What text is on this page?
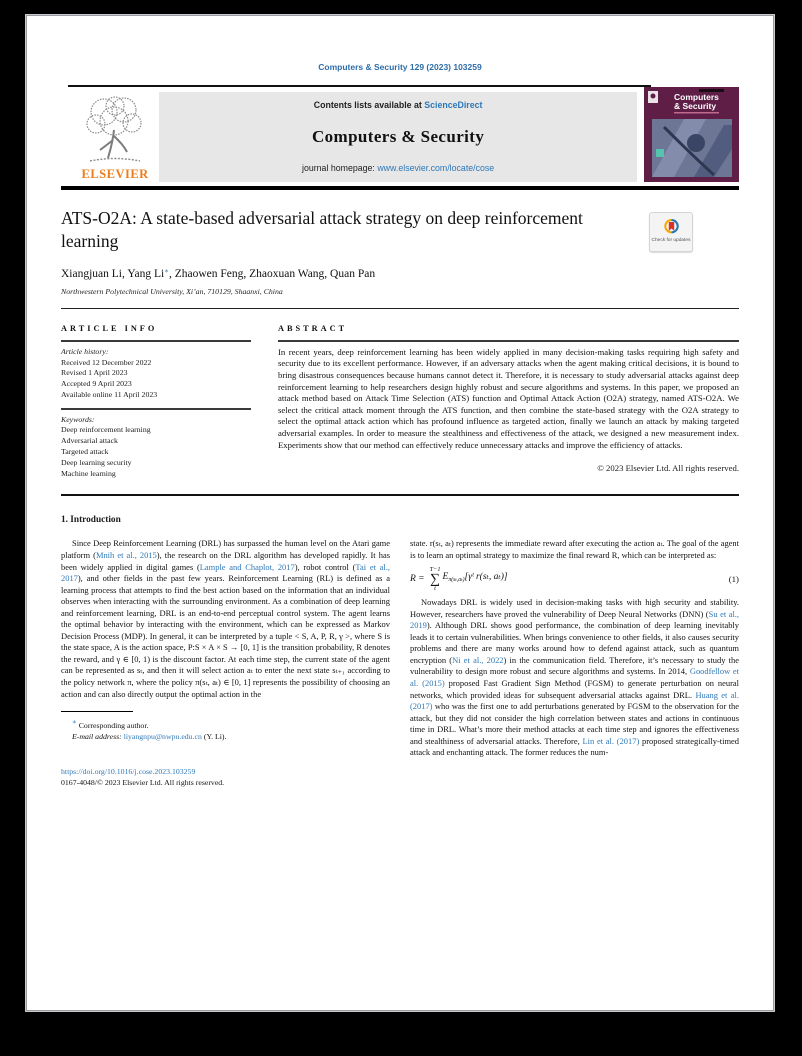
Computers & Security 129 (2023) 103259
ELSEVIER
Contents lists available at ScienceDirect
Computers & Security
journal homepage: www.elsevier.com/locate/cose
Computers
& Security
ATS-O2A: A state-based adversarial attack strategy on deep reinforcement learning	Check for updates
Xiangjuan Li, Yang Li∗, Zhaowen Feng, Zhaoxuan Wang, Quan Pan
Northwestern Polytechnical University, Xi’an, 710129, Shaanxi, China
ARTICLE INFO
Article history:
Received 12 December 2022
Revised 1 April 2023
Accepted 9 April 2023
Available online 11 April 2023
Keywords:
Deep reinforcement learning
Adversarial attack
Targeted attack
Deep learning security
Machine learning
ABSTRACT
In recent years, deep reinforcement learning has been widely applied in many decision-making tasks requiring high safety and security due to its excellent performance. However, if an adversary attacks when the agent making critical decisions, it is bound to bring disastrous consequences because humans cannot detect it. Therefore, it is necessary to study adversarial attacks against deep reinforcement learning to help researchers design highly robust and secure algorithms and systems. In this paper, we proposed an attack method based on Attack Time Selection (ATS) function and Optimal Attack Action (O2A) strategy, named ATS-O2A. We select the critical attack moment through the ATS function, and then combine the state-based strategy with the O2A strategy to select the optimal attack action which has profound influence as targeted action, finally we launch an attack by making targeted adversarial examples. In order to measure the stealthiness and effectiveness of the attack, we designed a new measurement index. Experiments show that our method can effectively reduce unnecessary attacks and improve the efficiency of attacks.
© 2023 Elsevier Ltd. All rights reserved.
1. Introduction

Since Deep Reinforcement Learning (DRL) has surpassed the human level on the Atari game platform (Mnih et al., 2015), the research on the DRL algorithm has developed rapidly. It has been widely applied in digital games (Lample and Chaplot, 2017), robot control (Tai et al., 2017), and other fields in the past few years. Reinforcement Learning (RL) is defined as a learning process that attempts to find the best action based on the information that an individual observes when interacting with the surrounding environment. As a combination of deep learning and reinforcement learning, DRL is an end-to-end perceptual control system. The agent learns the optimal behavior by interacting with the environment, which can be expressed as Markov Decision Process (MDP). In general, it can be interpreted by a tuple < S, A, P, R, γ >, where S is the state space, A is the action space, P:S × A × S → [0, 1] is the transition probability, R denotes the reward, and γ ∈ [0, 1) is the discount factor. At each time step, the current state of the agent can be represented as sₜ, and then it will select action aₜ to enter the next state sₜ₊₁ according to the policy network π, where the policy π(sₜ, aₜ) ∈ [0, 1] represents the possibility of choosing an action and can also directly output the optimal action in the

∗ Corresponding author.
E-mail address: liyangnpu@nwpu.edu.cn (Y. Li).
https://doi.org/10.1016/j.cose.2023.103259
0167-4048/© 2023 Elsevier Ltd. All rights reserved.

state. r(sₜ, aₜ) represents the immediate reward after executing the action aₜ. The goal of the agent is to learn an optimal strategy to maximize the final reward R, which can be interpreted as:

R =
T−1
∑
t
$E_{\pi(s_t,a_t)}[\gamma ᵗ$ r(sₜ, aₜ)]	(1)

Nowadays DRL is widely used in decision-making tasks with high security and stability. However, researchers have proved the vulnerability of Deep Neural Networks (DNN) (Su et al., 2019). Although DRL shows good performance, the combination of deep learning inevitably leads it to certain vulnerabilities. When brings convenience to other fields, it also causes security problems and there are many works around how to defend against attack, such as quantum encryption (Ni et al., 2022) in the communication field. Therefore, it’s necessary to study the vulnerability to design more robust and secure algorithms and systems. In 2014, Goodfellow et al. (2015) proposed Fast Gradient Sign Method (FGSM) to generate perturbation on neural networks, which provided ideas for subsequent adversarial attacks against DRL. Huang et al. (2017) who was the first one to add perturbations generated by FGSM to the observation for the attack, but they did not consider the high correlation between states and actions in continuous time in DRL. What’s more their method attacks at each time step and ignores the effectiveness and stealthiness of adversarial attacks. Therefore, Lin et al. (2017) proposed strategically-timed attack and enchanting attack. The former reduces the num-
